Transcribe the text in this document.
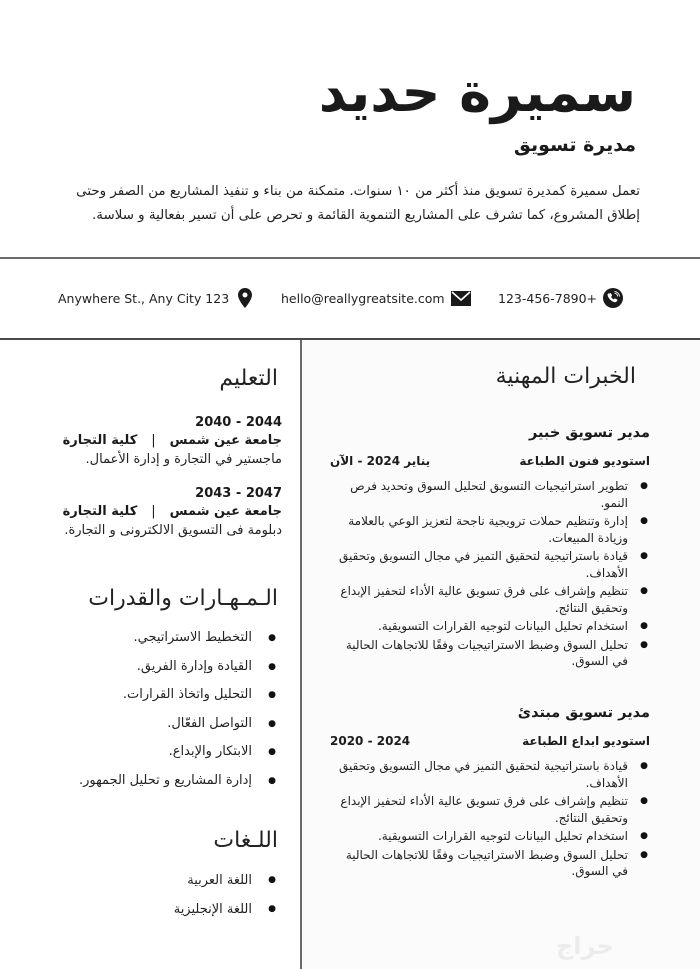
سميرة حديد
مديرة تسويق
تعمل سميرة كمديرة تسويق منذ أكثر من ١٠ سنوات. متمكنة من بناء و تنفيذ المشاريع من الصفر وحتى إطلاق المشروع، كما تشرف على المشاريع التنموية القائمة و تحرص على أن تسير بفعالية و سلاسة.
Anywhere St., Any City 123	hello@reallygreatsite.com	123-456-7890+
التعليم
2044 - 2040
جامعة عين شمس|كلية التجارة
ماجستير في التجارة و إدارة الأعمال.
2047 - 2043
جامعة عين شمس|كلية التجارة
دبلومة فى التسويق الالكترونى و التجارة.
الـمـهـارات والقدرات
● التخطيط الاستراتيجي.
● القيادة وإدارة الفريق.
● التحليل واتخاذ القرارات.
● التواصل الفعّال.
● الابتكار والإبداع.
● إدارة المشاريع و تحليل الجمهور.
اللـغات
● اللغة العربية
● اللغة الإنجليزية
الخبرات المهنية
مدير تسويق خبير
استوديو فنون الطباعة
يناير 2024 - الآن
● تطوير استراتيجيات التسويق لتحليل السوق وتحديد فرص النمو.
● إدارة وتنظيم حملات ترويجية ناجحة لتعزيز الوعي بالعلامة وزيادة المبيعات.
● قيادة باستراتيجية لتحقيق التميز في مجال التسويق وتحقيق الأهداف.
● تنظيم وإشراف على فرق تسويق عالية الأداء لتحفيز الإبداع وتحقيق النتائج.
● استخدام تحليل البيانات لتوجيه القرارات التسويقية.
● تحليل السوق وضبط الاستراتيجيات وفقًا للاتجاهات الحالية في السوق.
مدير تسويق مبتدئ
استوديو ابداع الطباعة
2024 - 2020
● قيادة باستراتيجية لتحقيق التميز في مجال التسويق وتحقيق الأهداف.
● تنظيم وإشراف على فرق تسويق عالية الأداء لتحفيز الإبداع وتحقيق النتائج.
● استخدام تحليل البيانات لتوجيه القرارات التسويقية.
● تحليل السوق وضبط الاستراتيجيات وفقًا للاتجاهات الحالية في السوق.
حراج
